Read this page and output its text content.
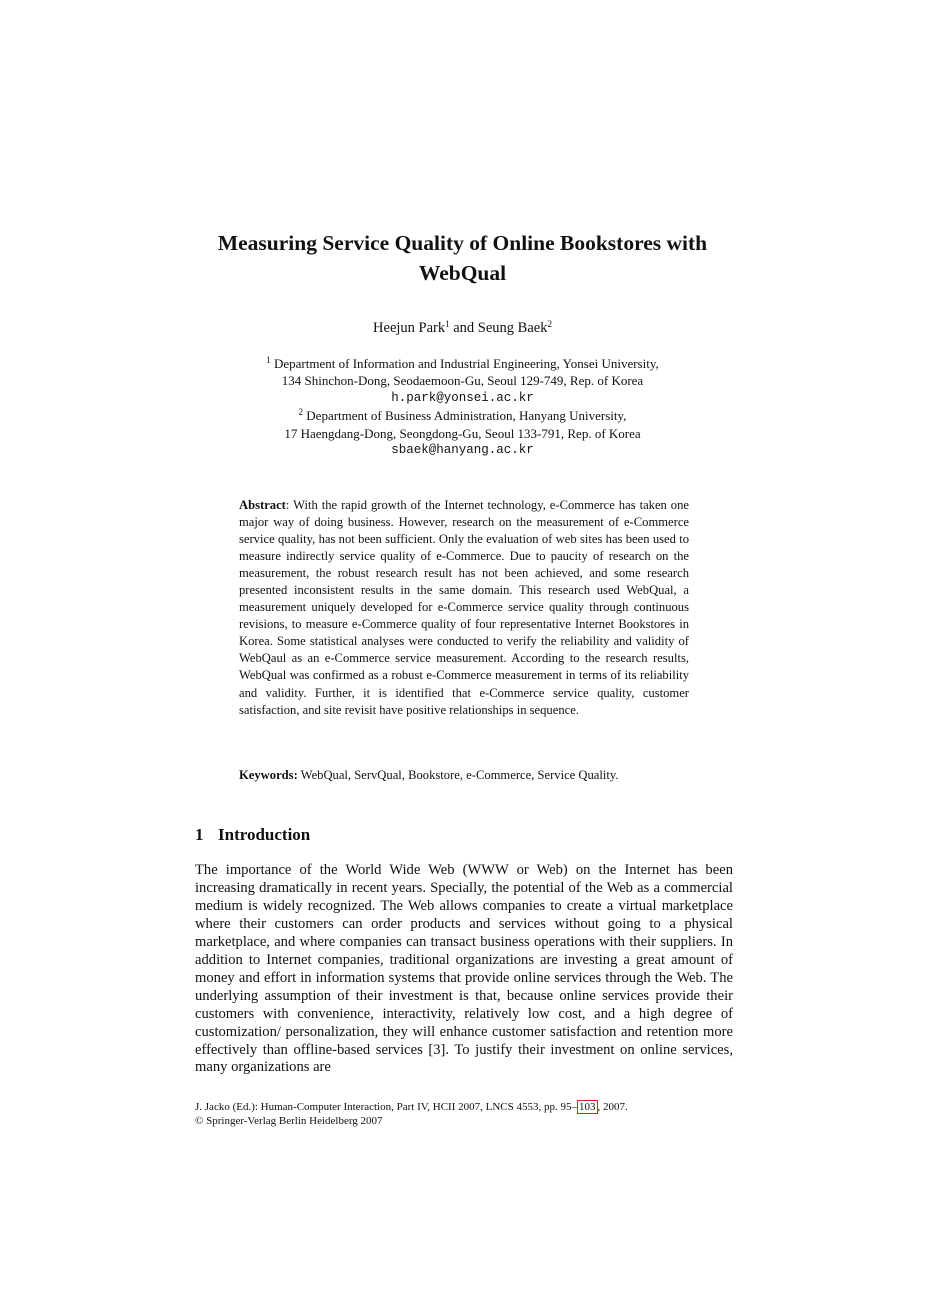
Measuring Service Quality of Online Bookstores with
WebQual
Heejun Park$^1$ and Seung Baek$^2$
$^1$ Department of Information and Industrial Engineering, Yonsei University,
134 Shinchon-Dong, Seodaemoon-Gu, Seoul 129-749, Rep. of Korea
h.park@yonsei.ac.kr
$^2$ Department of Business Administration, Hanyang University,
17 Haengdang-Dong, Seongdong-Gu, Seoul 133-791, Rep. of Korea
sbaek@hanyang.ac.kr
Abstract: With the rapid growth of the Internet technology, e-Commerce has taken one major way of doing business. However, research on the measurement of e-Commerce service quality, has not been sufficient. Only the evaluation of web sites has been used to measure indirectly service quality of e-Commerce. Due to paucity of research on the measurement, the robust research result has not been achieved, and some research presented inconsistent results in the same domain. This research used WebQual, a measurement uniquely developed for e-Commerce service quality through continuous revisions, to measure e-Commerce quality of four representative Internet Bookstores in Korea. Some statistical analyses were conducted to verify the reliability and validity of WebQaul as an e-Commerce service measurement. According to the research results, WebQual was confirmed as a robust e-Commerce measurement in terms of its reliability and validity. Further, it is identified that e-Commerce service quality, customer satisfaction, and site revisit have positive relationships in sequence.
Keywords: WebQual, ServQual, Bookstore, e-Commerce, Service Quality.
1 Introduction
The importance of the World Wide Web (WWW or Web) on the Internet has been increasing dramatically in recent years. Specially, the potential of the Web as a commercial medium is widely recognized. The Web allows companies to create a virtual marketplace where their customers can order products and services without going to a physical marketplace, and where companies can transact business operations with their suppliers. In addition to Internet companies, traditional organizations are investing a great amount of money and effort in information systems that provide online services through the Web. The underlying assumption of their investment is that, because online services provide their customers with convenience, interactivity, relatively low cost, and a high degree of customization/ personalization, they will enhance customer satisfaction and retention more effectively than offline-based services [3]. To justify their investment on online services, many organizations are
J. Jacko (Ed.): Human-Computer Interaction, Part IV, HCII 2007, LNCS 4553, pp. 95– 103 , 2007.
© Springer-Verlag Berlin Heidelberg 2007
